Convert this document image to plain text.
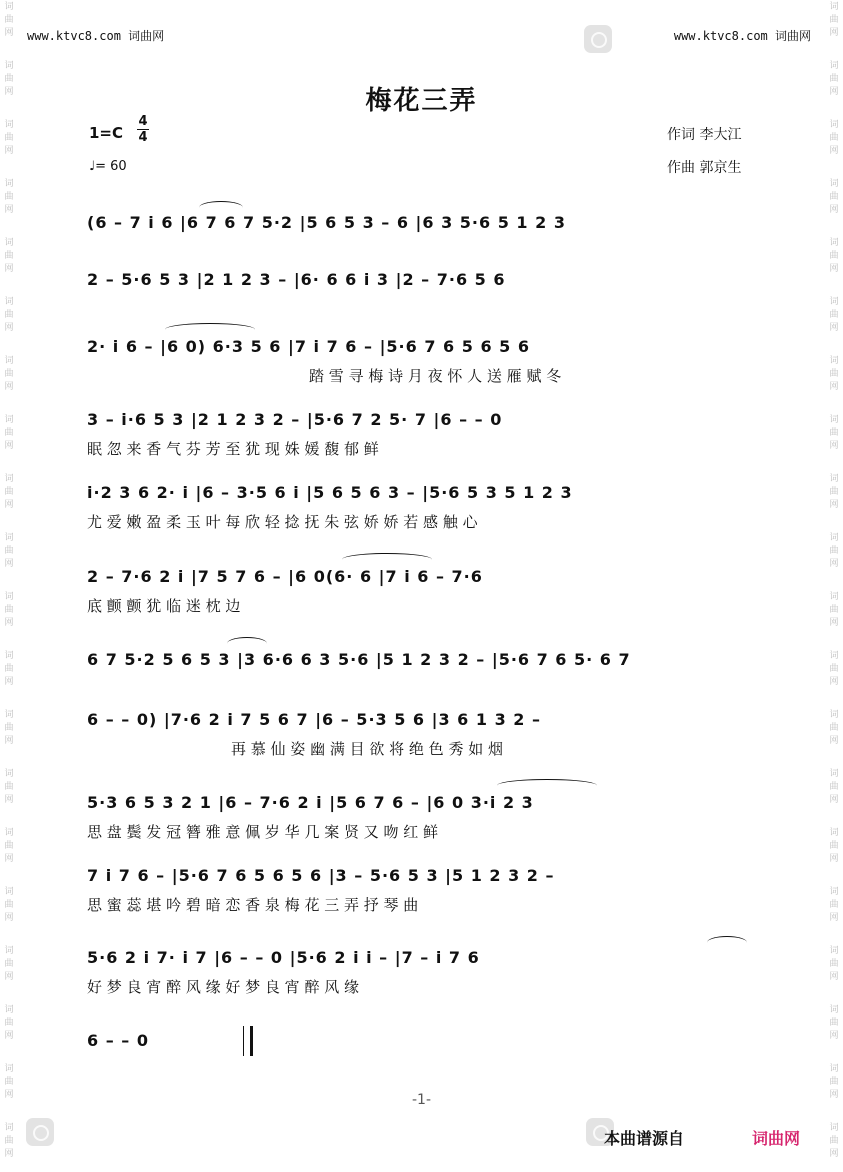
词
曲
网
词
曲
网
词
曲
网
词
曲
网
词
曲
网
词
曲
网
词
曲
网
词
曲
网
词
曲
网
词
曲
网
词
曲
网
词
曲
网
词
曲
网
词
曲
网
词
曲
网
词
曲
网
词
曲
网
词
曲
网
词
曲
网
词
曲
网
词
曲
网
词
曲
网
词
曲
网
词
曲
网
词
曲
网
词
曲
网
词
曲
网
词
曲
网
词
曲
网
词
曲
网
词
曲
网
词
曲
网
词
曲
网
词
曲
网
词
曲
网
词
曲
网
词
曲
网
词
曲
网
词
曲
网
词
曲
网
www.ktvc8.com 词曲网	www.ktvc8.com 词曲网
梅花三弄
1=C
4
4
♩= 60
作词 李大江
作曲 郭京生
(6 – 7 i 6 |6 7 6 7 5·2 |5 6 5 3 – 6 |6 3 5·6 5 1 2 3
2 – 5·6 5 3 |2 1 2 3 – |6· 6 6 i 3 |2 – 7·6 5 6
2· i 6 – |6 0) 6·3 5 6 |7 i 7 6 – |5·6 7 6 5 6 5 6
踏 雪 寻 梅 诗 月 夜 怀 人 送 雁 赋 冬
3 – i·6 5 3 |2 1 2 3 2 – |5·6 7 2 5· 7 |6 – – 0
眠 忽 来 香 气 芬 芳 至 犹 现 姝 媛 馥 郁 鲜
i·2 3 6 2· i |6 – 3·5 6 i |5 6 5 6 3 – |5·6 5 3 5 1 2 3
尤 爱 嫩 盈 柔 玉 叶 每 欣 轻 捻 抚 朱 弦 娇 娇 若 感 触 心
2 – 7·6 2 i |7 5 7 6 – |6 0(6· 6 |7 i 6 – 7·6
底 颤 颤 犹 临 迷 枕 边
6 7 5·2 5 6 5 3 |3 6·6 6 3 5·6 |5 1 2 3 2 – |5·6 7 6 5· 6 7
6 – – 0) |7·6 2 i 7 5 6 7 |6 – 5·3 5 6 |3 6 1 3 2 –
再 慕 仙 姿 幽 满 目 欲 将 绝 色 秀 如 烟
5·3 6 5 3 2 1 |6 – 7·6 2 i |5 6 7 6 – |6 0 3·i 2 3
思 盘 鬓 发 冠 簪 雅 意 佩 岁 华 几 案 贤 又 吻 红 鲜
7 i 7 6 – |5·6 7 6 5 6 5 6 |3 – 5·6 5 3 |5 1 2 3 2 –
思 蜜 蕊 堪 吟 碧 暗 恋 香 泉 梅 花 三 弄 抒 琴 曲
5·6 2 i 7· i 7 |6 – – 0 |5·6 2 i i – |7 – i 7 6
好 梦 良 宵 醉 风 缘 好 梦 良 宵 醉 风 缘
6 – – 0
-1-
本曲谱源自	词曲网
